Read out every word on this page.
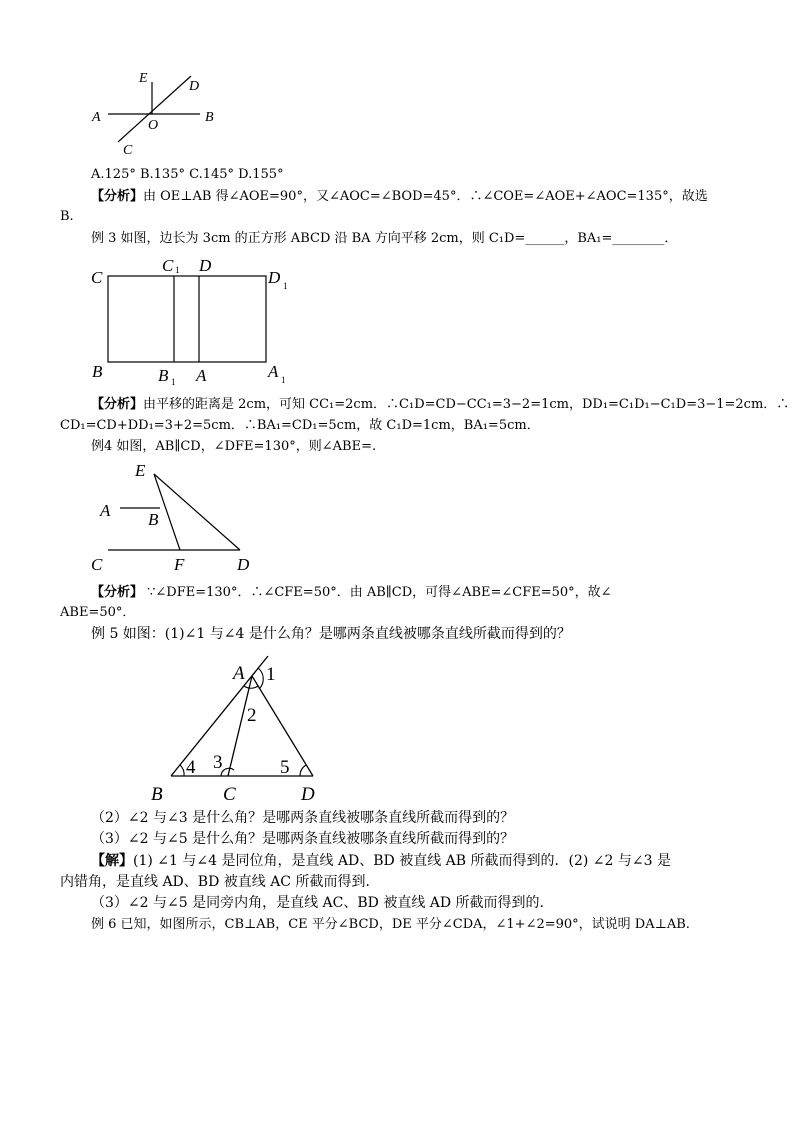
E
D
A
O
B
C
A.125° B.135° C.145° D.155°
【分析】由 OE⊥AB 得∠AOE=90°，又∠AOC=∠BOD=45°．∴∠COE=∠AOE+∠AOC=135°，故选
B.
例 3 如图，边长为 3cm 的正方形 ABCD 沿 BA 方向平移 2cm，则 C₁D=______，BA₁=________．
C
C 1 D
D 1
B	B 1 A	A 1
【分析】由平移的距离是 2cm，可知 CC₁=2cm．∴C₁D=CD−CC₁=3−2=1cm，DD₁=C₁D₁−C₁D=3−1=2cm．∴
CD₁=CD+DD₁=3+2=5cm．∴BA₁=CD₁=5cm，故 C₁D=1cm，BA₁=5cm．
例4 如图，AB∥CD，∠DFE=130°，则∠ABE=.
E
A B
C	F	D
【分析】 ∵∠DFE=130°．∴∠CFE=50°．由 AB∥CD，可得∠ABE=∠CFE=50°，故∠
ABE=50°．
例 5 如图：(1)∠1 与∠4 是什么角？是哪两条直线被哪条直线所截而得到的？
A
B	C	D
1
2
3
4	5
（2）∠2 与∠3 是什么角？是哪两条直线被哪条直线所截而得到的？
（3）∠2 与∠5 是什么角？是哪两条直线被哪条直线所截而得到的？
【解】(1) ∠1 与∠4 是同位角，是直线 AD、BD 被直线 AB 所截而得到的．(2) ∠2 与∠3 是
内错角，是直线 AD、BD 被直线 AC 所截而得到．
（3）∠2 与∠5 是同旁内角，是直线 AC、BD 被直线 AD 所截而得到的．
例 6 已知，如图所示，CB⊥AB，CE 平分∠BCD，DE 平分∠CDA，∠1+∠2=90°，试说明 DA⊥AB.
